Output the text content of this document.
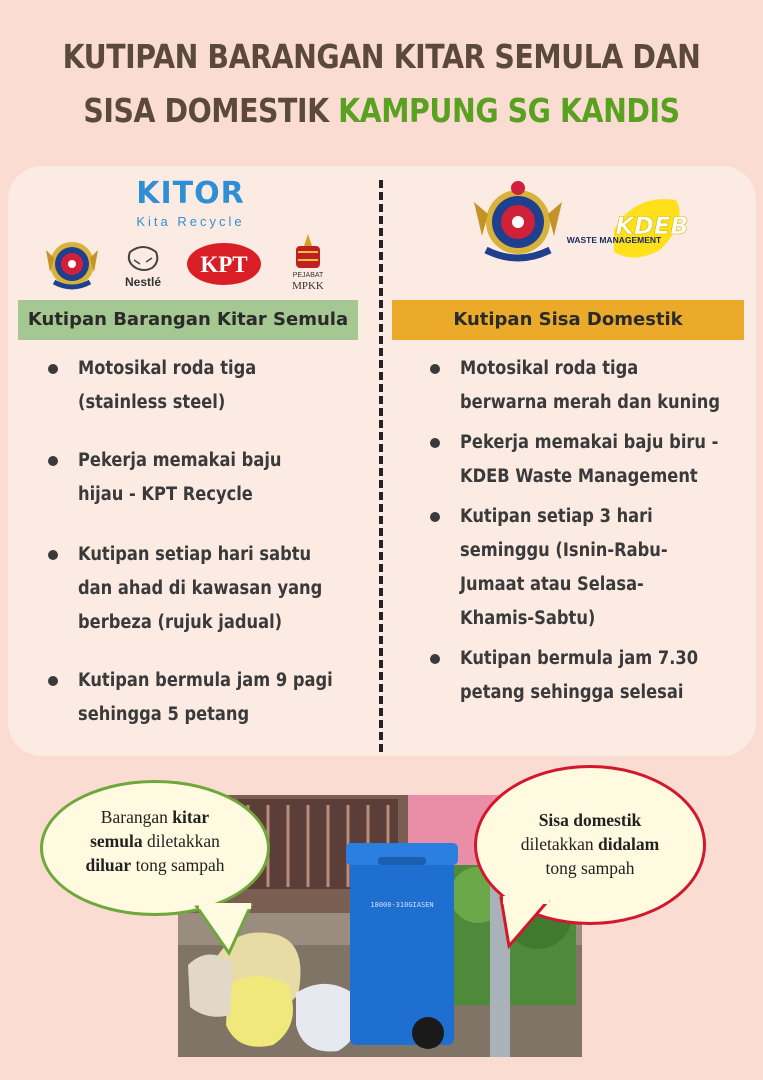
KUTIPAN BARANGAN KITAR SEMULA DAN
SISA DOMESTIK KAMPUNG SG KANDIS
KITOR
Kita Recycle
Nestlé
KPT	PEJABAT
MPKK
KDEB
WASTE MANAGEMENT
Kutipan Barangan Kitar Semula	Kutipan Sisa Domestik
Motosikal roda tiga
(stainless steel)
Pekerja memakai baju
hijau - KPT Recycle
Kutipan setiap hari sabtu
dan ahad di kawasan yang
berbeza (rujuk jadual)
Kutipan bermula jam 9 pagi
sehingga 5 petang
Motosikal roda tiga
berwarna merah dan kuning
Pekerja memakai baju biru -
KDEB Waste Management
Kutipan setiap 3 hari
seminggu (Isnin-Rabu-
Jumaat atau Selasa-
Khamis-Sabtu)
Kutipan bermula jam 7.30
petang sehingga selesai
18000-310GIASEN
Barangan kitar
semula diletakkan
diluar tong sampah
Sisa domestik
diletakkan didalam
tong sampah
